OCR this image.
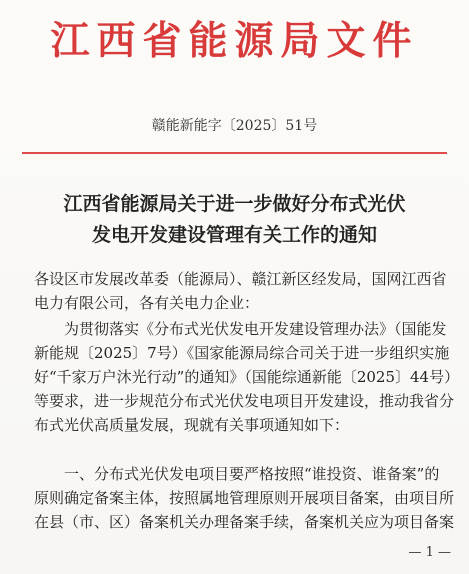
江西省能源局文件
赣能新能字〔2025〕51号
江西省能源局关于进一步做好分布式光伏
发电开发建设管理有关工作的通知
各设区市发展改革委（能源局）、赣江新区经发局，国网江西省
电力有限公司，各有关电力企业：
为贯彻落实《分布式光伏发电开发建设管理办法》（国能发
新能规〔2025〕7号）《国家能源局综合司关于进一步组织实施
好“千家万户沐光行动”的通知》（国能综通新能〔2025〕44号）
等要求，进一步规范分布式光伏发电项目开发建设，推动我省分
布式光伏高质量发展，现就有关事项通知如下：
一、分布式光伏发电项目要严格按照“谁投资、谁备案”的
原则确定备案主体，按照属地管理原则开展项目备案，由项目所
在县（市、区）备案机关办理备案手续，备案机关应为项目备案
— 1 —
